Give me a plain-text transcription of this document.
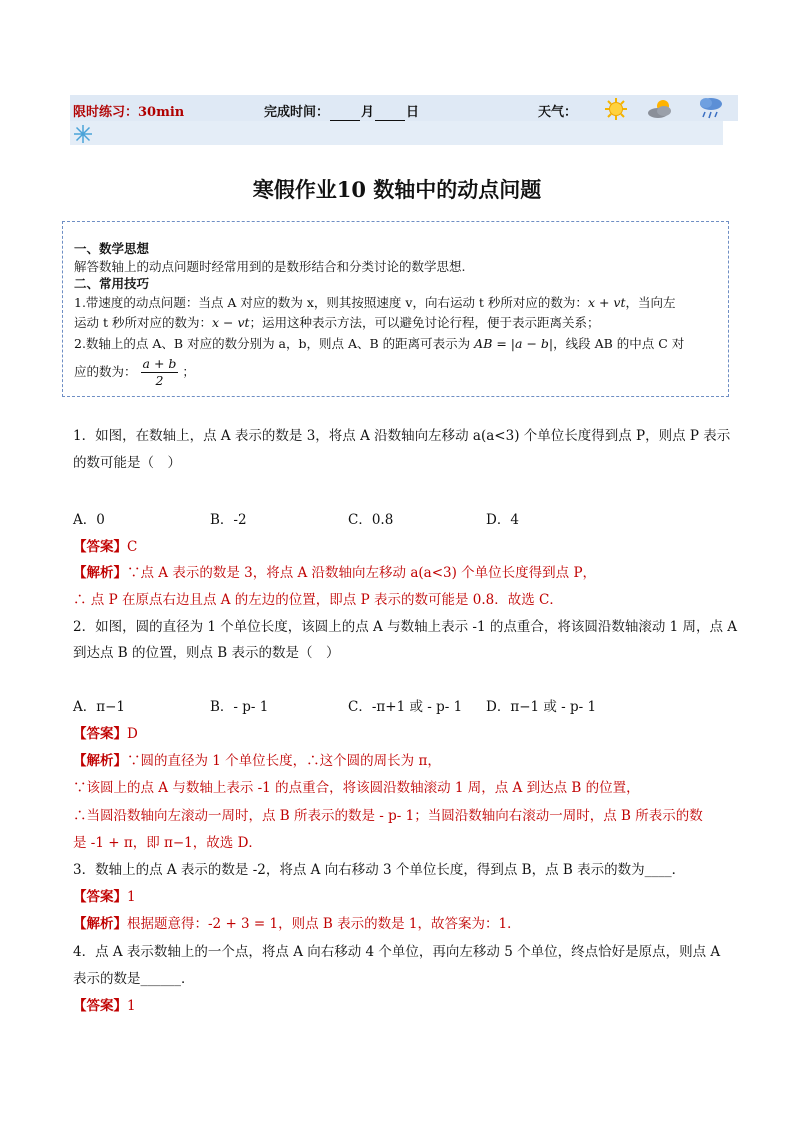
限时练习：30min	完成时间： 月 日	天气：
寒假作业10 数轴中的动点问题
一、数学思想
解答数轴上的动点问题时经常用到的是数形结合和分类讨论的数学思想.
二、常用技巧
1.带速度的动点问题：当点 A 对应的数为 x，则其按照速度 v，向右运动 t 秒所对应的数为：x + vt，当向左
运动 t 秒所对应的数为：x − vt；运用这种表示方法，可以避免讨论行程，便于表示距离关系；
2.数轴上的点 A、B 对应的数分别为 a，b，则点 A、B 的距离可表示为 AB = |a − b|，线段 AB 的中点 C 对
应的数为： $\frac{a + b}{2}$ ；
1．如图，在数轴上，点 A 表示的数是 3，将点 A 沿数轴向左移动 a(a<3) 个单位长度得到点 P，则点 P 表示
的数可能是（　）
A．0	B．-2	C．0.8	D．4
【答案】C
【解析】∵点 A 表示的数是 3，将点 A 沿数轴向左移动 a(a<3) 个单位长度得到点 P，
∴ 点 P 在原点右边且点 A 的左边的位置，即点 P 表示的数可能是 0.8．故选 C．
2．如图，圆的直径为 1 个单位长度，该圆上的点 A 与数轴上表示 -1 的点重合，将该圆沿数轴滚动 1 周，点 A
到达点 B 的位置，则点 B 表示的数是（　）
A．π−1	B．- p- 1	C．-π+1 或 - p- 1 D．π−1 或 - p- 1
【答案】D
【解析】∵圆的直径为 1 个单位长度，∴这个圆的周长为 π，
∵该圆上的点 A 与数轴上表示 -1 的点重合，将该圆沿数轴滚动 1 周，点 A 到达点 B 的位置，
∴当圆沿数轴向左滚动一周时，点 B 所表示的数是 - p- 1；当圆沿数轴向右滚动一周时，点 B 所表示的数
是 -1 + π，即 π−1，故选 D．
3．数轴上的点 A 表示的数是 -2，将点 A 向右移动 3 个单位长度，得到点 B，点 B 表示的数为____．
【答案】1
【解析】根据题意得：-2 + 3 = 1，则点 B 表示的数是 1，故答案为：1．
4．点 A 表示数轴上的一个点，将点 A 向右移动 4 个单位，再向左移动 5 个单位，终点恰好是原点，则点 A
表示的数是______．
【答案】1
